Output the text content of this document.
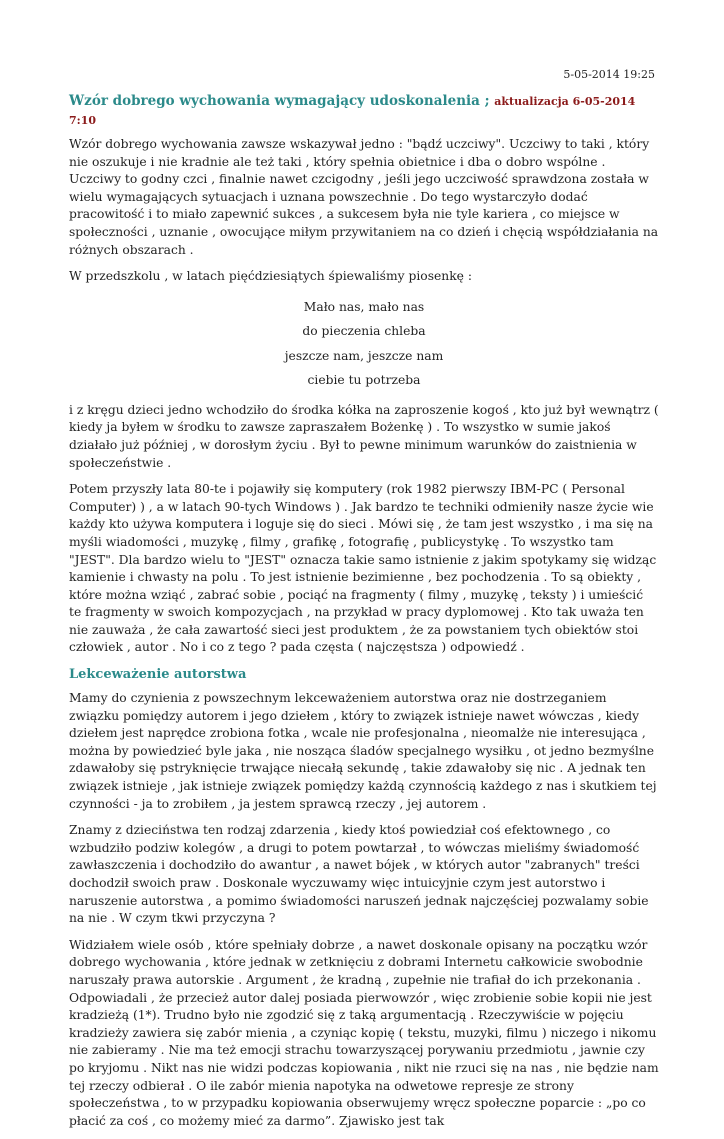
5-05-2014 19:25
Wzór dobrego wychowania wymagający udoskonalenia ; aktualizacja 6-05-2014 7:10

Wzór dobrego wychowania zawsze wskazywał jedno : "bądź uczciwy". Uczciwy to taki , który nie oszukuje i nie kradnie ale też taki , który spełnia obietnice i dba o dobro wspólne . Uczciwy to godny czci , finalnie nawet czcigodny , jeśli jego uczciwość sprawdzona została w wielu wymagających sytuacjach i uznana powszechnie . Do tego wystarczyło dodać pracowitość i to miało zapewnić sukces , a sukcesem była nie tyle kariera , co miejsce w społeczności , uznanie , owocujące miłym przywitaniem na co dzień i chęcią współdziałania na różnych obszarach .

W przedszkolu , w latach pięćdziesiątych śpiewaliśmy piosenkę :

Mało nas, mało nas
do pieczenia chleba
jeszcze nam, jeszcze nam
ciebie tu potrzeba

i z kręgu dzieci jedno wchodziło do środka kółka na zaproszenie kogoś , kto już był wewnątrz ( kiedy ja byłem w środku to zawsze zapraszałem Bożenkę ) . To wszystko w sumie jakoś działało już później , w dorosłym życiu . Był to pewne minimum warunków do zaistnienia w społeczeństwie .

Potem przyszły lata 80-te i pojawiły się komputery (rok 1982 pierwszy IBM-PC ( Personal Computer) ) , a w latach 90-tych Windows ) . Jak bardzo te techniki odmieniły nasze życie wie każdy kto używa komputera i loguje się do sieci . Mówi się , że tam jest wszystko , i ma się na myśli wiadomości , muzykę , filmy , grafikę , fotografię , publicystykę . To wszystko tam "JEST". Dla bardzo wielu to "JEST" oznacza takie samo istnienie z jakim spotykamy się widząc kamienie i chwasty na polu . To jest istnienie bezimienne , bez pochodzenia . To są obiekty , które można wziąć , zabrać sobie , pociąć na fragmenty ( filmy , muzykę , teksty ) i umieścić te fragmenty w swoich kompozycjach , na przykład w pracy dyplomowej . Kto tak uważa ten nie zauważa , że cała zawartość sieci jest produktem , że za powstaniem tych obiektów stoi człowiek , autor . No i co z tego ? pada częsta ( najczęstsza ) odpowiedź .

Lekceważenie autorstwa

Mamy do czynienia z powszechnym lekceważeniem autorstwa oraz nie dostrzeganiem związku pomiędzy autorem i jego dziełem , który to związek istnieje nawet wówczas , kiedy dziełem jest naprędce zrobiona fotka , wcale nie profesjonalna , nieomalże nie interesująca , można by powiedzieć byle jaka , nie nosząca śladów specjalnego wysiłku , ot jedno bezmyślne zdawałoby się pstryknięcie trwające niecałą sekundę , takie zdawałoby się nic . A jednak ten związek istnieje , jak istnieje związek pomiędzy każdą czynnością każdego z nas i skutkiem tej czynności - ja to zrobiłem , ja jestem sprawcą rzeczy , jej autorem .

Znamy z dzieciństwa ten rodzaj zdarzenia , kiedy ktoś powiedział coś efektownego , co wzbudziło podziw kolegów , a drugi to potem powtarzał , to wówczas mieliśmy świadomość zawłaszczenia i dochodziło do awantur , a nawet bójek , w których autor "zabranych" treści dochodził swoich praw . Doskonale wyczuwamy więc intuicyjnie czym jest autorstwo i naruszenie autorstwa , a pomimo świadomości naruszeń jednak najczęściej pozwalamy sobie na nie . W czym tkwi przyczyna ?

Widziałem wiele osób , które spełniały dobrze , a nawet doskonale opisany na początku wzór dobrego wychowania , które jednak w zetknięciu z dobrami Internetu całkowicie swobodnie naruszały prawa autorskie . Argument , że kradną , zupełnie nie trafiał do ich przekonania . Odpowiadali , że przecież autor dalej posiada pierwowzór , więc zrobienie sobie kopii nie jest kradzieżą (1*). Trudno było nie zgodzić się z taką argumentacją . Rzeczywiście w pojęciu kradzieży zawiera się zabór mienia , a czyniąc kopię ( tekstu, muzyki, filmu ) niczego i nikomu nie zabieramy . Nie ma też emocji strachu towarzyszącej porywaniu przedmiotu , jawnie czy po kryjomu . Nikt nas nie widzi podczas kopiowania , nikt nie rzuci się na nas , nie będzie nam tej rzeczy odbierał . O ile zabór mienia napotyka na odwetowe represje ze strony społeczeństwa , to w przypadku kopiowania obserwujemy wręcz społeczne poparcie : „po co płacić za coś , co możemy mieć za darmo”. Zjawisko jest tak
